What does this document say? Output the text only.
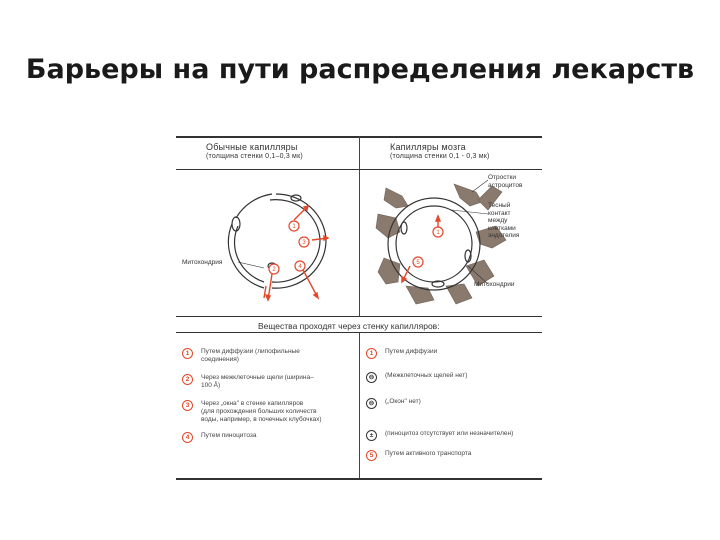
Барьеры на пути распределения лекарств
Обычные капилляры
(толщина стенки 0,1–0,3 мк)
Капилляры мозга
(толщина стенки 0,1 - 0,3 мк)
1
3
2	4
1
5
Митохондрия
Отростки
астроцитов
Тесный
контакт
между
клетками
эндотелия
Митохондрии
Вещества проходят через стенку капилляров:
1	Путем диффузии (липофильные
соединения)
2	Через межклеточные щели (ширина–
100 Å)
3	Через „окна" в стенке капилляров
(для прохождения больших количеств
воды, например, в почечных клубочках)
4	Путем пиноцитоза
1	Путем диффузии
⊖	(Межклеточных щелей нет)
⊖	(„Окон" нет)
±	(пиноцитоз отсутствует или незначителен)
5	Путем активного транспорта
